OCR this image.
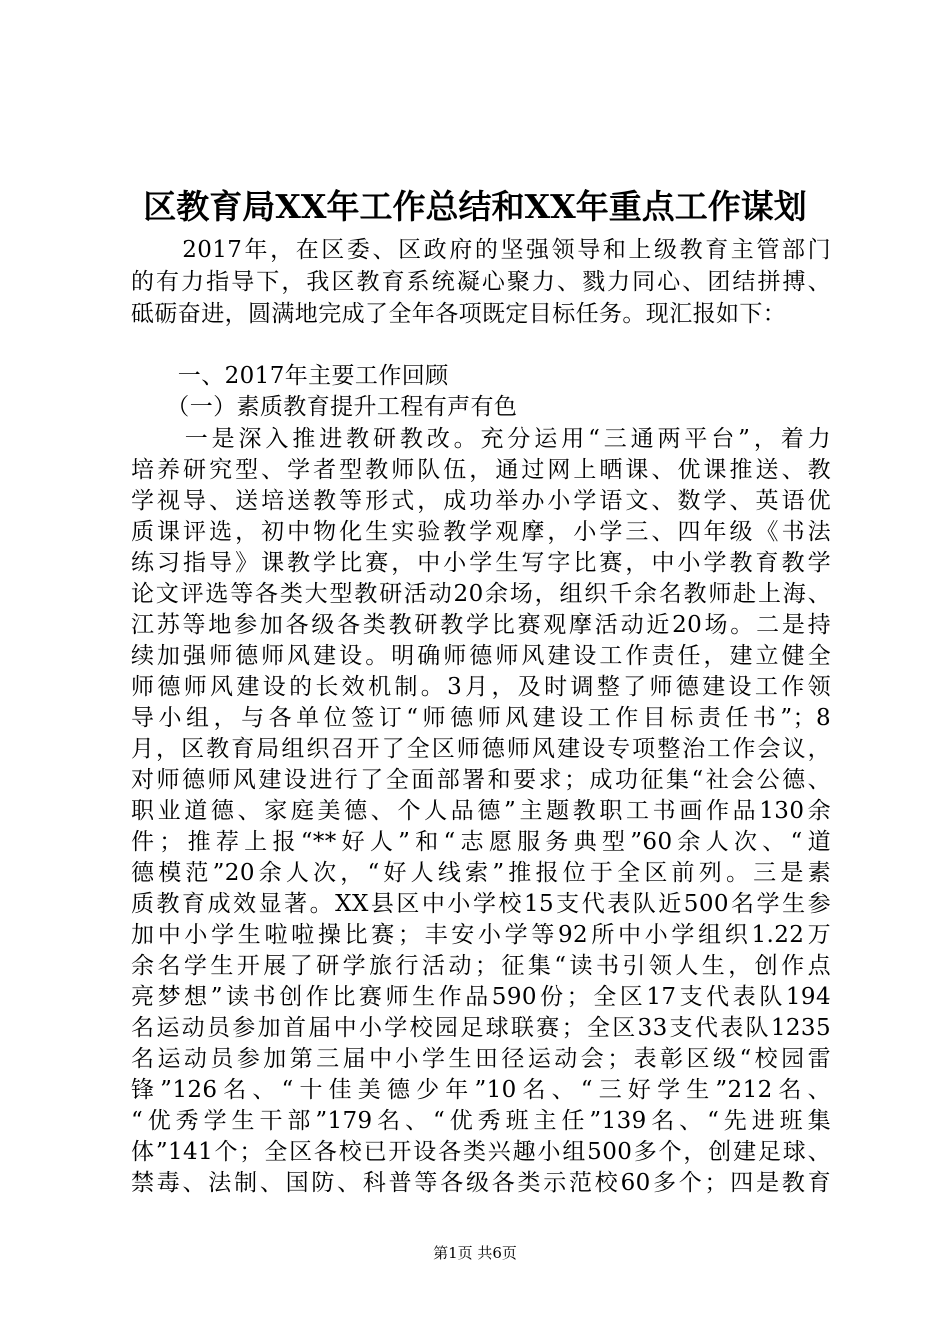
区教育局XX年工作总结和XX年重点工作谋划
　　2017年，在区委、区政府的坚强领导和上级教育主管部门
的有力指导下，我区教育系统凝心聚力、戮力同心、团结拼搏、
砥砺奋进，圆满地完成了全年各项既定目标任务。现汇报如下：
　　一、2017年主要工作回顾
　　（一）素质教育提升工程有声有色
　　一是深入推进教研教改。充分运用“三通两平台”，着力
培养研究型、学者型教师队伍，通过网上晒课、优课推送、教
学视导、送培送教等形式，成功举办小学语文、数学、英语优
质课评选，初中物化生实验教学观摩，小学三、四年级《书法
练习指导》课教学比赛，中小学生写字比赛，中小学教育教学
论文评选等各类大型教研活动20余场，组织千余名教师赴上海、
江苏等地参加各级各类教研教学比赛观摩活动近20场。二是持
续加强师德师风建设。明确师德师风建设工作责任，建立健全
师德师风建设的长效机制。3月，及时调整了师德建设工作领
导小组，与各单位签订“师德师风建设工作目标责任书”；8
月，区教育局组织召开了全区师德师风建设专项整治工作会议，
对师德师风建设进行了全面部署和要求；成功征集“社会公德、
职业道德、家庭美德、个人品德”主题教职工书画作品130余
件；推荐上报“**好人”和“志愿服务典型”60余人次、“道
德模范”20余人次，“好人线索”推报位于全区前列。三是素
质教育成效显著。XX县区中小学校15支代表队近500名学生参
加中小学生啦啦操比赛；丰安小学等92所中小学组织1.22万
余名学生开展了研学旅行活动；征集“读书引领人生，创作点
亮梦想”读书创作比赛师生作品590份；全区17支代表队194
名运动员参加首届中小学校园足球联赛；全区33支代表队1235
名运动员参加第三届中小学生田径运动会；表彰区级“校园雷
锋”126名、“十佳美德少年”10名、“三好学生”212名、
“优秀学生干部”179名、“优秀班主任”139名、“先进班集
体”141个；全区各校已开设各类兴趣小组500多个，创建足球、
禁毒、法制、国防、科普等各级各类示范校60多个；四是教育
第1页 共6页
